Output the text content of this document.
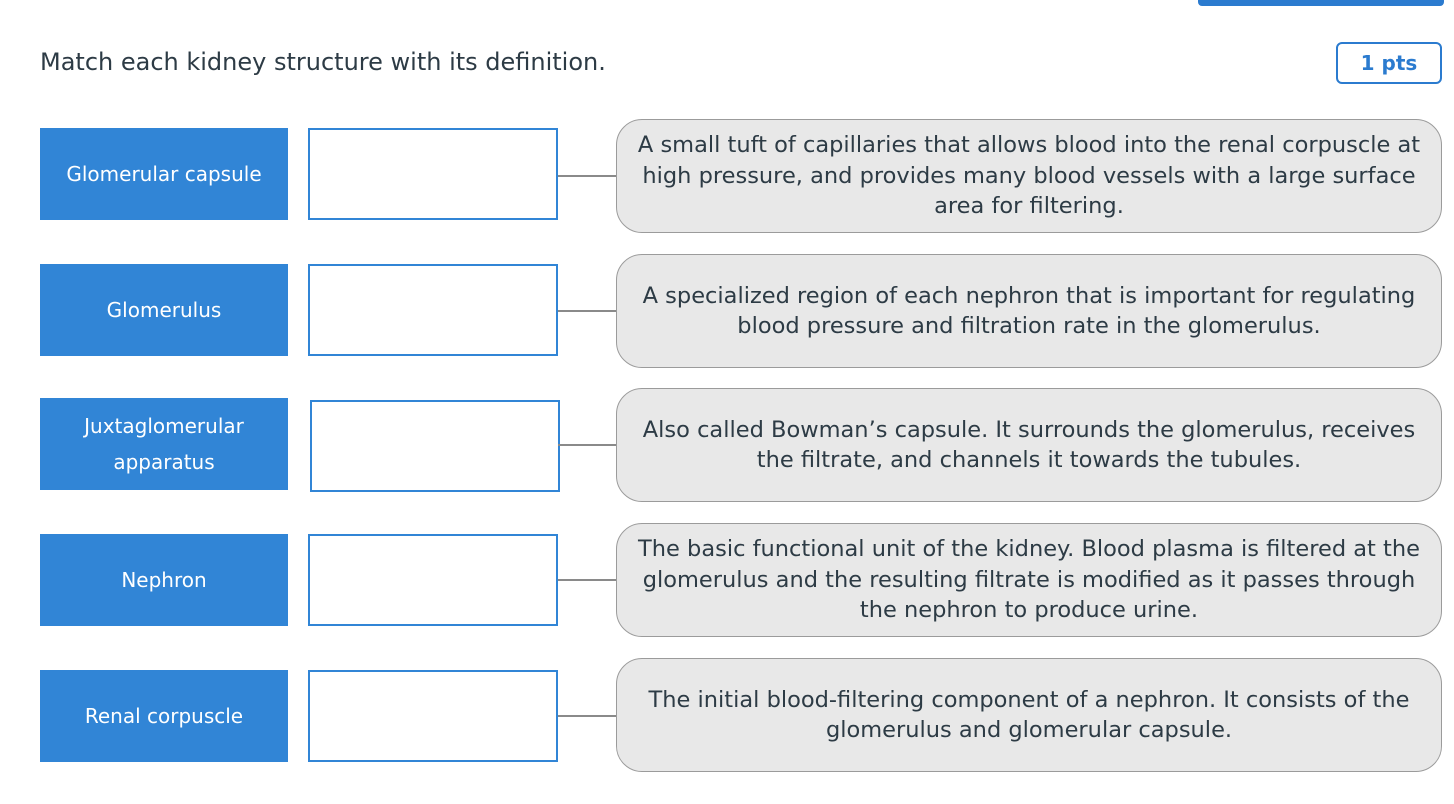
Match each kidney structure with its definition.	1 pts
Glomerular capsule
A small tuft of capillaries that allows blood into the renal corpuscle at high pressure, and provides many blood vessels with a large surface area for filtering.
Glomerulus
A specialized region of each nephron that is important for regulating blood pressure and filtration rate in the glomerulus.
Juxtaglomerular apparatus
Also called Bowman’s capsule. It surrounds the glomerulus, receives the filtrate, and channels it towards the tubules.
Nephron
The basic functional unit of the kidney. Blood plasma is filtered at the glomerulus and the resulting filtrate is modified as it passes through the nephron to produce urine.
Renal corpuscle
The initial blood-filtering component of a nephron. It consists of the glomerulus and glomerular capsule.
